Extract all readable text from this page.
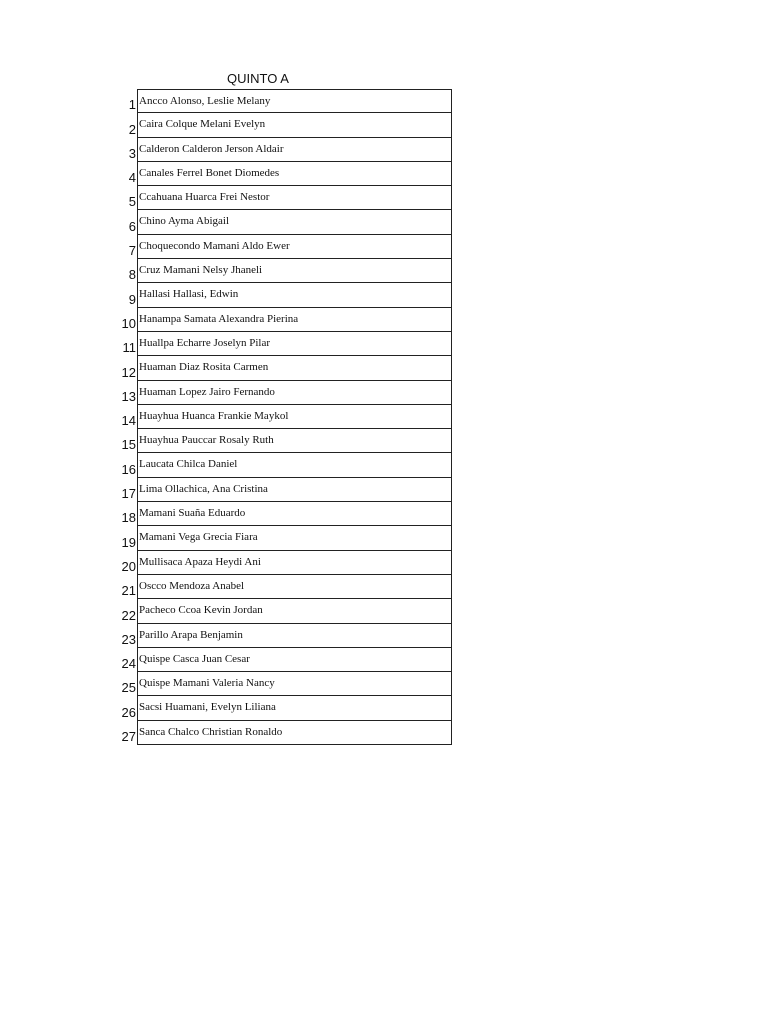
QUINTO A
1 Ancco Alonso, Leslie Melany
2 Caira Colque Melani Evelyn
3 Calderon Calderon Jerson Aldair
4 Canales Ferrel Bonet Diomedes
5 Ccahuana Huarca Frei Nestor
6 Chino Ayma Abigail
7 Choquecondo Mamani Aldo Ewer
8 Cruz Mamani Nelsy Jhaneli
9 Hallasi Hallasi, Edwin
10 Hanampa Samata Alexandra Pierina
11 Huallpa Echarre Joselyn Pilar
12 Huaman Diaz Rosita Carmen
13 Huaman Lopez Jairo Fernando
14 Huayhua Huanca Frankie Maykol
15 Huayhua Pauccar Rosaly Ruth
16 Laucata Chilca Daniel
17 Lima Ollachica, Ana Cristina
18 Mamani Suaña Eduardo
19 Mamani Vega Grecia Fiara
20 Mullisaca Apaza Heydi Ani
21 Oscco Mendoza Anabel
22 Pacheco Ccoa Kevin Jordan
23 Parillo Arapa Benjamin
24 Quispe Casca Juan Cesar
25 Quispe Mamani Valeria Nancy
26 Sacsi Huamani, Evelyn Liliana
27 Sanca Chalco Christian Ronaldo
